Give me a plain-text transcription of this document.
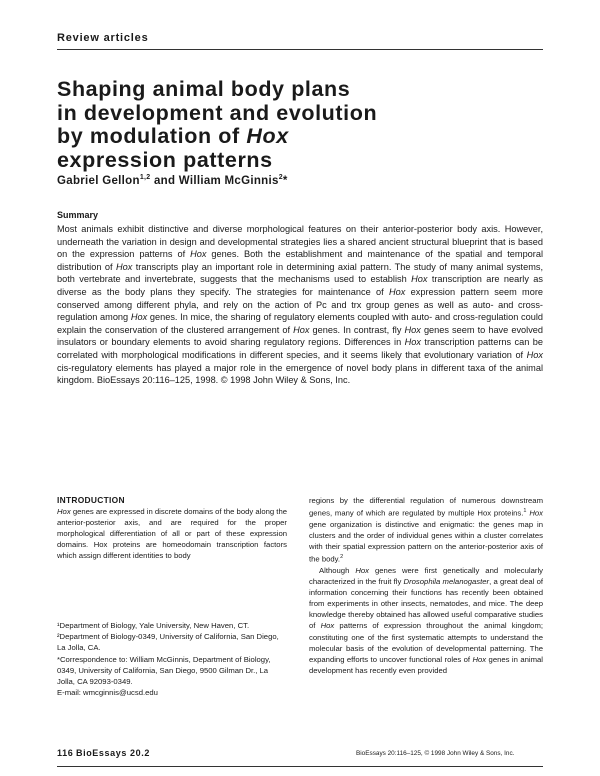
Review articles
Shaping animal body plans
in development and evolution
by modulation of Hox
expression patterns
Gabriel Gellon$^{1,2}$ and William McGinnis$^2$*
Summary
Most animals exhibit distinctive and diverse morphological features on their anterior-posterior body axis. However, underneath the variation in design and developmental strategies lies a shared ancient structural blueprint that is based on the expression patterns of Hox genes. Both the establishment and maintenance of the spatial and temporal distribution of Hox transcripts play an important role in determining axial pattern. The study of many animal systems, both vertebrate and invertebrate, suggests that the mechanisms used to establish Hox transcription are nearly as diverse as the body plans they specify. The strategies for maintenance of Hox expression pattern seem more conserved among different phyla, and rely on the action of Pc and trx group genes as well as auto- and cross-regulation among Hox genes. In mice, the sharing of regulatory elements coupled with auto- and cross-regulation could explain the conservation of the clustered arrangement of Hox genes. In contrast, fly Hox genes seem to have evolved insulators or boundary elements to avoid sharing regulatory regions. Differences in Hox transcription patterns can be correlated with morphological modifications in different species, and it seems likely that evolutionary variation of Hox cis-regulatory elements has played a major role in the emergence of novel body plans in different taxa of the animal kingdom. BioEssays 20:116–125, 1998. © 1998 John Wiley & Sons, Inc.
INTRODUCTION
Hox genes are expressed in discrete domains of the body along the anterior-posterior axis, and are required for the proper morphological differentiation of all or part of these expression domains. Hox proteins are homeodomain transcription factors which assign different identities to body
regions by the differential regulation of numerous downstream genes, many of which are regulated by multiple Hox proteins.$^1$ Hox gene organization is distinctive and enigmatic: the genes map in clusters and the order of individual genes within a cluster correlates with their spatial expression pattern on the anterior-posterior axis of the body.$^2$
Although Hox genes were first genetically and molecularly characterized in the fruit fly Drosophila melanogaster, a great deal of information concerning their functions has recently been obtained from experiments in other insects, nematodes, and mice. The deep knowledge thereby obtained has allowed useful comparative studies of Hox patterns of expression throughout the animal kingdom; constituting one of the first systematic attempts to understand the molecular basis of the evolution of developmental patterning. The expanding efforts to uncover functional roles of Hox genes in animal development has recently even provided
¹Department of Biology, Yale University, New Haven, CT.
²Department of Biology-0349, University of California, San Diego, La Jolla, CA.
*Correspondence to: William McGinnis, Department of Biology, 0349, University of California, San Diego, 9500 Gilman Dr., La Jolla, CA 92093-0349.
E-mail: wmcginnis@ucsd.edu
116 BioEssays 20.2	BioEssays 20:116–125, © 1998 John Wiley & Sons, Inc.
